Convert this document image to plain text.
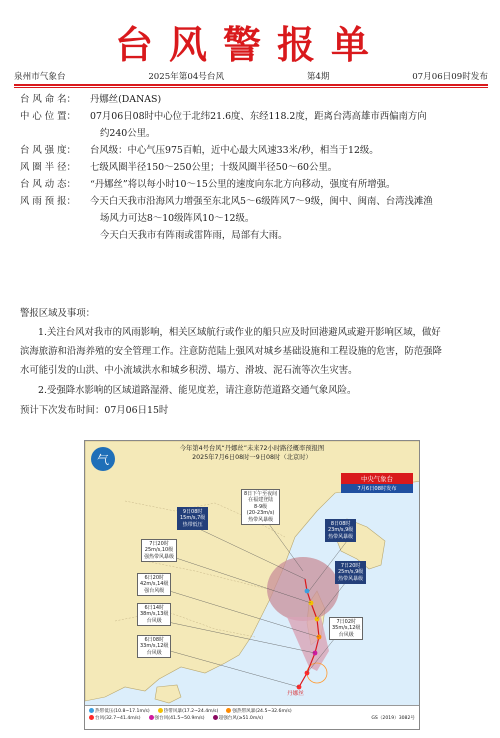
台风警报单
泉州市气象台	2025年第04号台风	第4期	07月06日09时发布
台 风 命 名：	丹娜丝(DANAS)
中 心 位 置：	07月06日08时中心位于北纬21.6度、东经118.2度，距离台湾高雄市西偏南方向
约240公里。
台 风 强 度：	台风级：中心气压975百帕，近中心最大风速33米/秒，相当于12级。
风 圈 半 径：	七级风圈半径150～250公里；十级风圈半径50～60公里。
台 风 动 态：	“丹娜丝”将以每小时10～15公里的速度向东北方向移动，强度有所增强。
风 雨 预 报：	今天白天我市沿海风力增强至东北风5～6级阵风7～9级，闽中、闽南、台湾浅滩渔
场风力可达8～10级阵风10～12级。
今天白天我市有阵雨或雷阵雨，局部有大雨。
警报区域及事项：
1.关注台风对我市的风雨影响，相关区域航行或作业的船只应及时回港避风或避开影响区域，做好
滨海旅游和沿海养殖的安全管理工作。注意防范陆上强风对城乡基础设施和工程设施的危害，防范强降
水可能引发的山洪、中小流域洪水和城乡积涝、塌方、滑坡、泥石流等次生灾害。
2.受强降水影响的区域道路湿滑、能见度差，请注意防范道路交通气象风险。
预计下次发布时间：07月06日15时
今年第4号台风“丹娜丝”未来72小时路径概率预报图
2025年7月6日08时一9日08时（北京时）
气
中央气象台
7月6日08时发布
8日下午至夜间
在福建登陆
8-9级
(20-23m/s)
热带风暴级
9日08时
15m/s,7级
热带低压	8日08时
23m/s,9级
热带风暴级
7日20时
25m/s,10级
强热带风暴级
7日20时
25m/s,9级
热带风暴级
6日20时
42m/s,14级
强台风级
6日14时
38m/s,13级
台风级
6日08时
33m/s,12级
台风级
7日02时
35m/s,12级
台风级
丹娜丝
热带低压(10.8~17.1m/s)	热带风暴(17.2~24.4m/s)	强热带风暴(24.5~32.6m/s)
台风(32.7~41.4m/s)	强台风(41.5~50.9m/s)	超强台风(≥51.0m/s)	GS（2019）3082号
